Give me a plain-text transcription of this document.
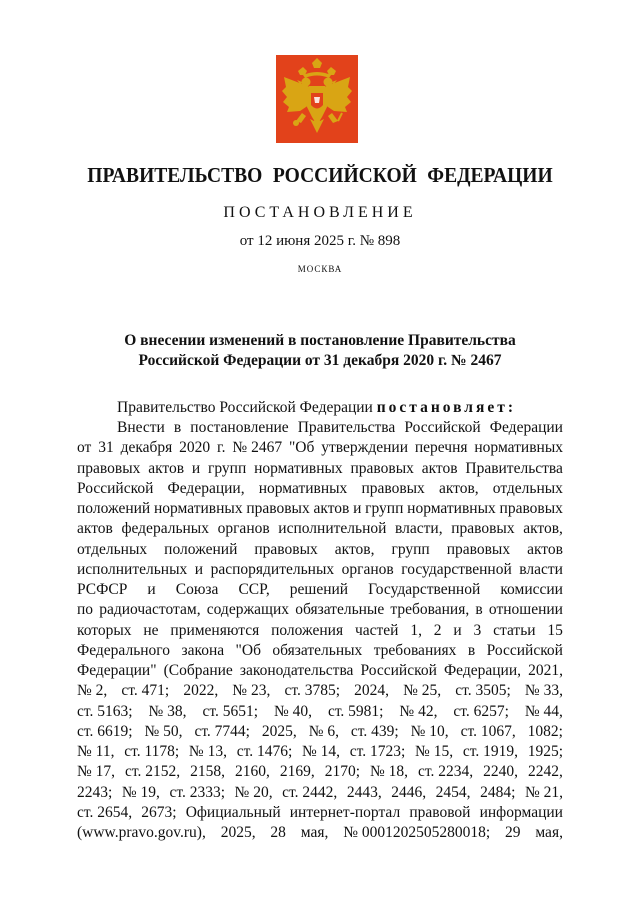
ПРАВИТЕЛЬСТВО РОССИЙСКОЙ ФЕДЕРАЦИИ
ПОСТАНОВЛЕНИЕ
от 12 июня 2025 г. № 898
МОСКВА
О внесении изменений в постановление Правительства
Российской Федерации от 31 декабря 2020 г. № 2467
Правительство Российской Федерации постановляет:
Внести в постановление Правительства Российской Федерации
от 31 декабря 2020 г. № 2467 "Об утверждении перечня нормативных
правовых актов и групп нормативных правовых актов Правительства
Российской Федерации, нормативных правовых актов, отдельных
положений нормативных правовых актов и групп нормативных правовых
актов федеральных органов исполнительной власти, правовых актов,
отдельных положений правовых актов, групп правовых актов
исполнительных и распорядительных органов государственной власти
РСФСР и Союза ССР, решений Государственной комиссии
по радиочастотам, содержащих обязательные требования, в отношении
которых не применяются положения частей 1, 2 и 3 статьи 15
Федерального закона "Об обязательных требованиях в Российской
Федерации" (Собрание законодательства Российской Федерации, 2021,
№ 2, ст. 471; 2022, № 23, ст. 3785; 2024, № 25, ст. 3505; № 33,
ст. 5163; № 38, ст. 5651; № 40, ст. 5981; № 42, ст. 6257; № 44,
ст. 6619; № 50, ст. 7744; 2025, № 6, ст. 439; № 10, ст. 1067, 1082;
№ 11, ст. 1178; № 13, ст. 1476; № 14, ст. 1723; № 15, ст. 1919, 1925;
№ 17, ст. 2152, 2158, 2160, 2169, 2170; № 18, ст. 2234, 2240, 2242,
2243; № 19, ст. 2333; № 20, ст. 2442, 2443, 2446, 2454, 2484; № 21,
ст. 2654, 2673; Официальный интернет-портал правовой информации
(www.pravo.gov.ru), 2025, 28 мая, № 0001202505280018; 29 мая,
